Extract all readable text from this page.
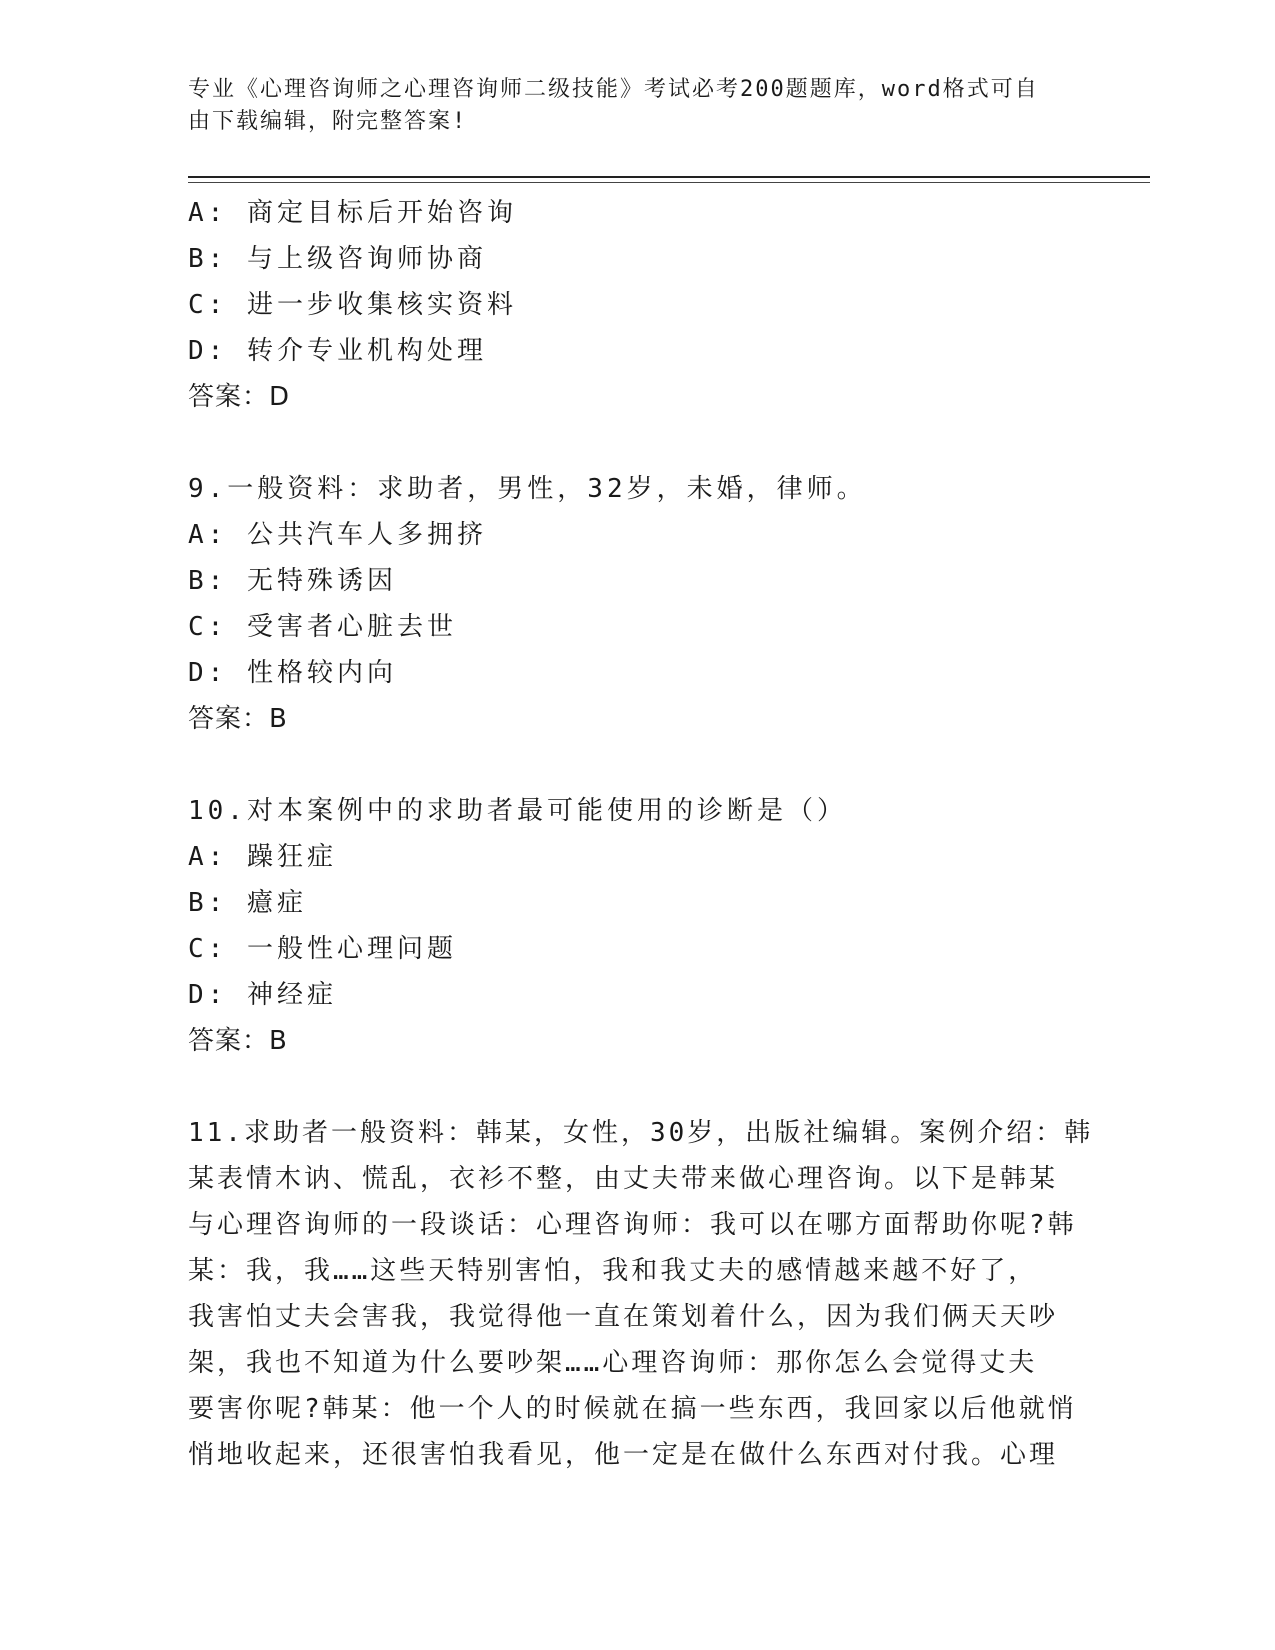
专业《心理咨询师之心理咨询师二级技能》考试必考200题题库，word格式可自
由下载编辑，附完整答案!
A: 商定目标后开始咨询
B: 与上级咨询师协商
C: 进一步收集核实资料
D: 转介专业机构处理
答案：D
9.一般资料：求助者，男性，32岁，未婚，律师。
A: 公共汽车人多拥挤
B: 无特殊诱因
C: 受害者心脏去世
D: 性格较内向
答案：B
10.对本案例中的求助者最可能使用的诊断是（）
A: 躁狂症
B: 癔症
C: 一般性心理问题
D: 神经症
答案：B
11.求助者一般资料：韩某，女性，30岁，出版社编辑。案例介绍：韩
某表情木讷、慌乱，衣衫不整，由丈夫带来做心理咨询。以下是韩某
与心理咨询师的一段谈话：心理咨询师：我可以在哪方面帮助你呢?韩
某：我，我……这些天特别害怕，我和我丈夫的感情越来越不好了，
我害怕丈夫会害我，我觉得他一直在策划着什么，因为我们俩天天吵
架，我也不知道为什么要吵架……心理咨询师：那你怎么会觉得丈夫
要害你呢?韩某：他一个人的时候就在搞一些东西，我回家以后他就悄
悄地收起来，还很害怕我看见，他一定是在做什么东西对付我。心理
